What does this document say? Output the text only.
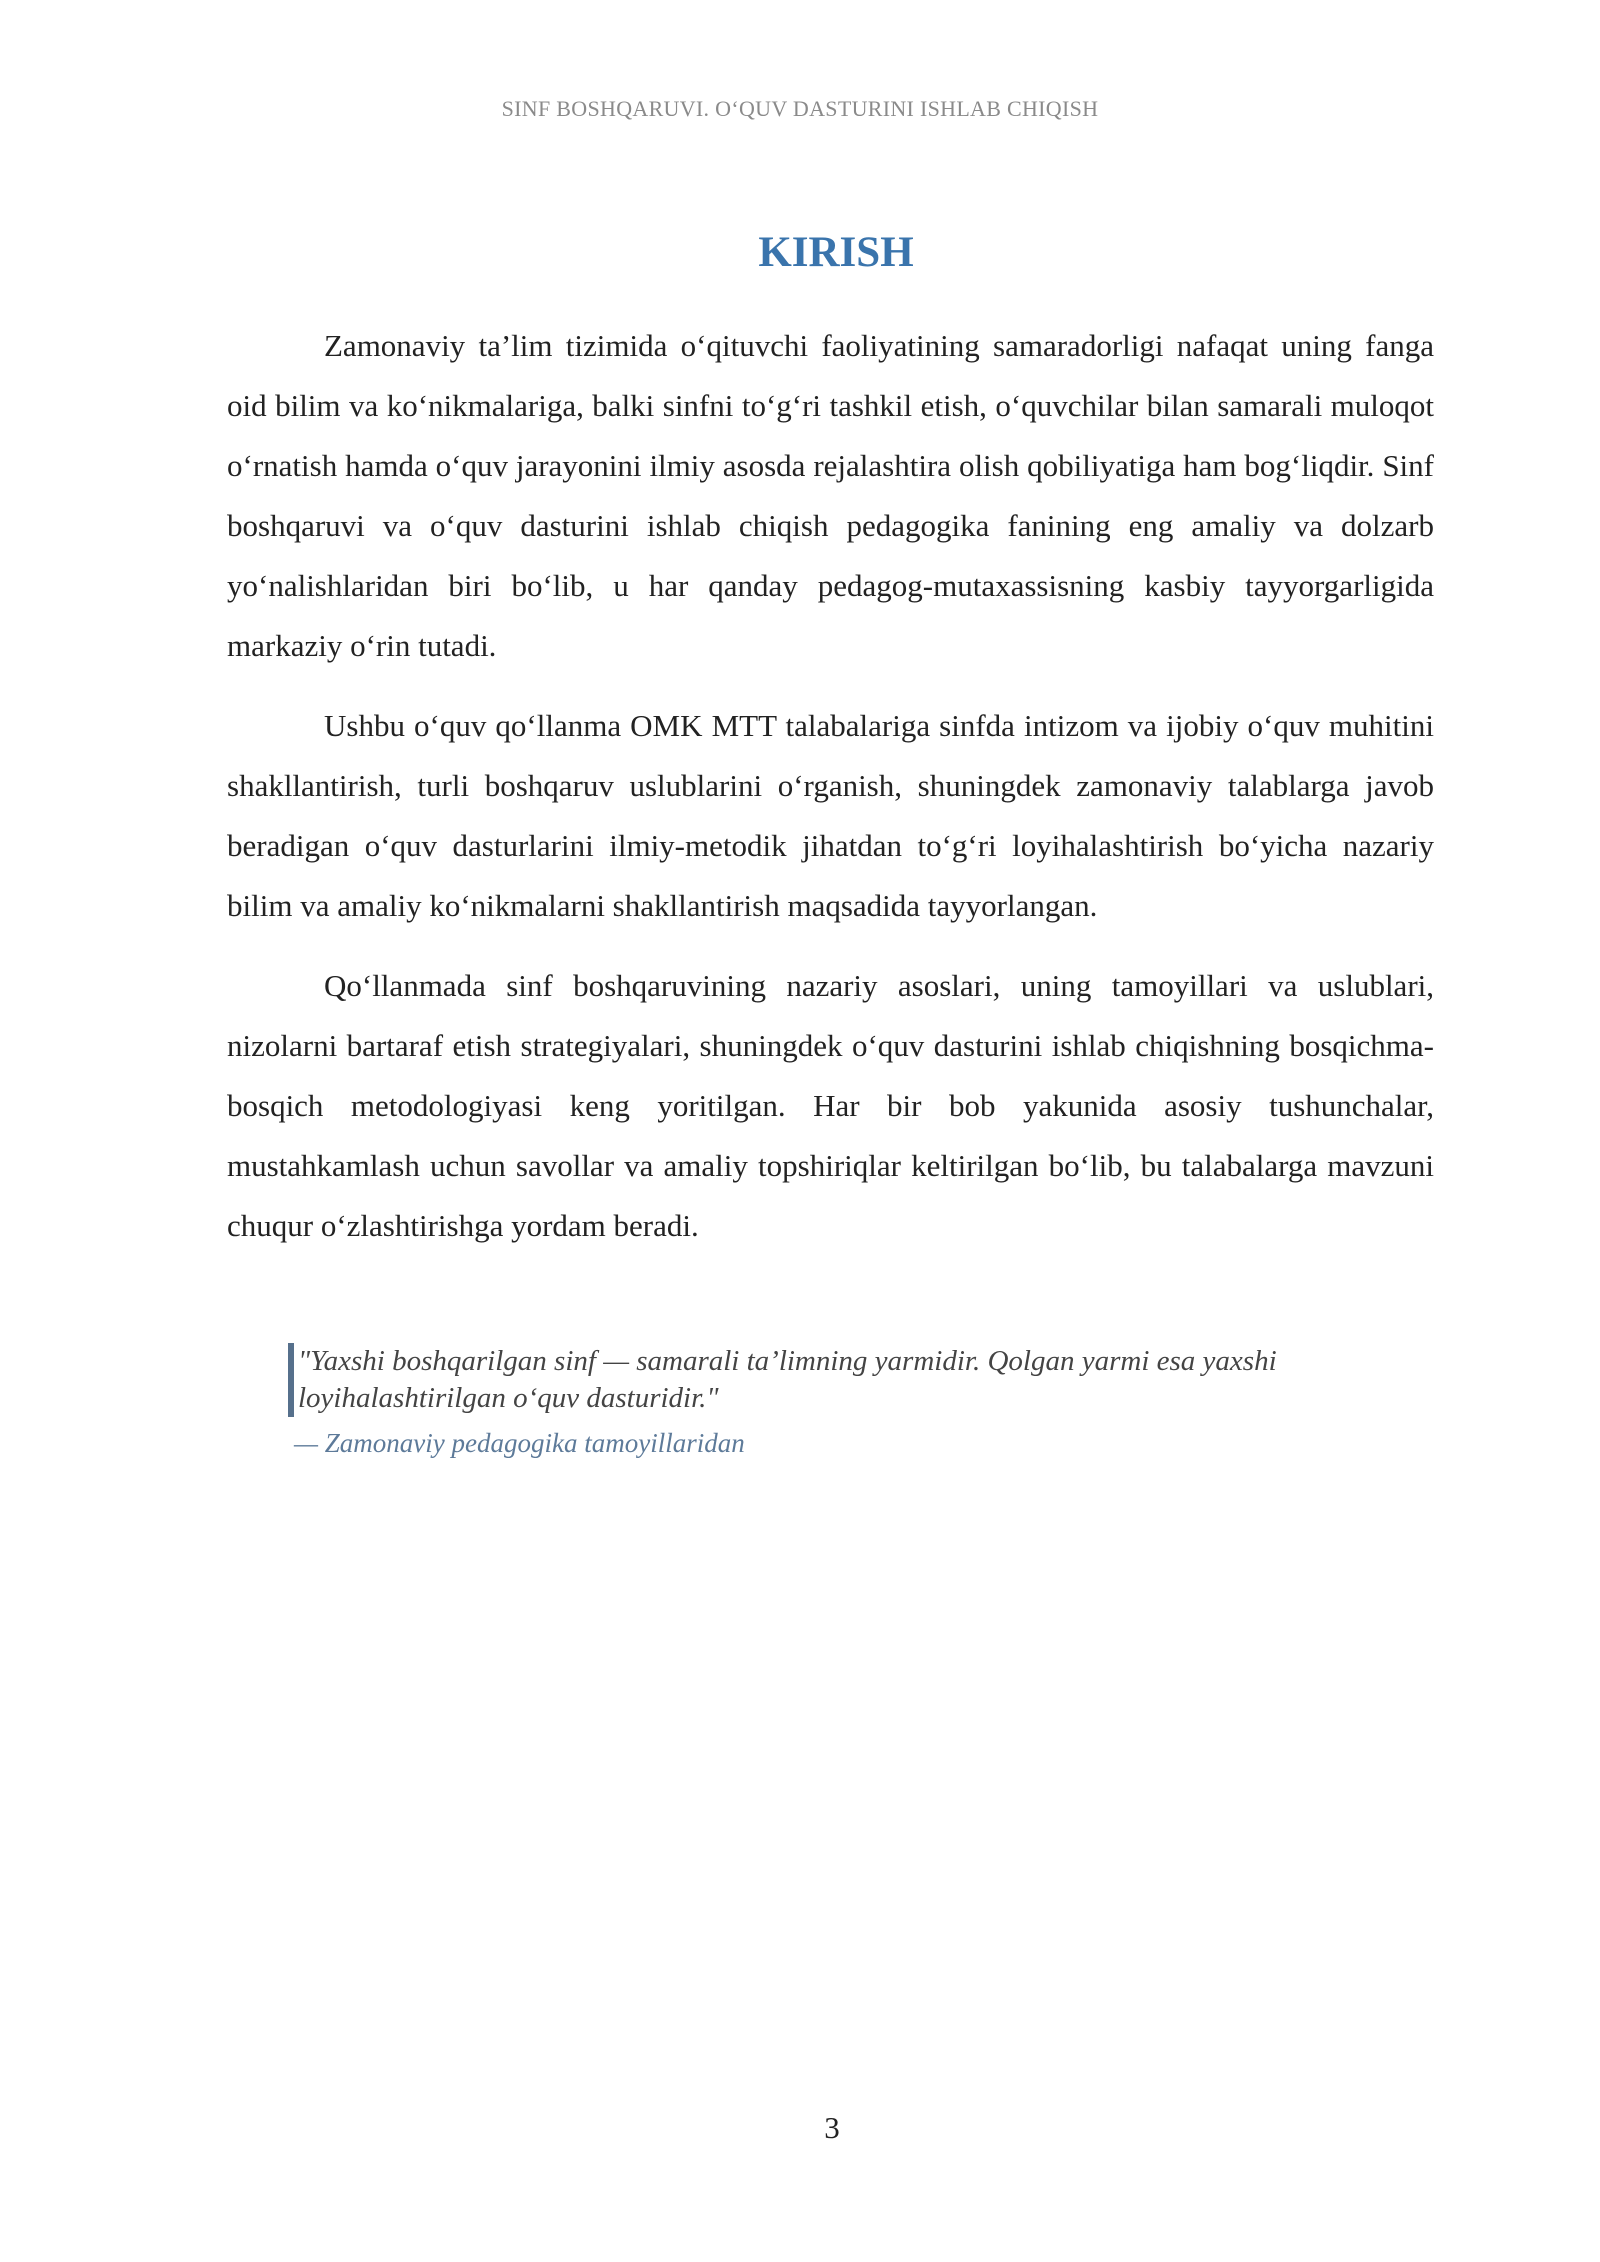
SINF BOSHQARUVI. O‘QUV DASTURINI ISHLAB CHIQISH
KIRISH

Zamonaviy ta’lim tizimida o‘qituvchi faoliyatining samaradorligi nafaqat uning fanga oid bilim va ko‘nikmalariga, balki sinfni to‘g‘ri tashkil etish, o‘quvchilar bilan samarali muloqot o‘rnatish hamda o‘quv jarayonini ilmiy asosda rejalashtira olish qobiliyatiga ham bog‘liqdir. Sinf boshqaruvi va o‘quv dasturini ishlab chiqish pedagogika fanining eng amaliy va dolzarb yo‘nalishlaridan biri bo‘lib, u har qanday pedagog-mutaxassisning kasbiy tayyorgarligida markaziy o‘rin tutadi.

Ushbu o‘quv qo‘llanma OMK MTT talabalariga sinfda intizom va ijobiy o‘quv muhitini shakllantirish, turli boshqaruv uslublarini o‘rganish, shuningdek zamonaviy talablarga javob beradigan o‘quv dasturlarini ilmiy-metodik jihatdan to‘g‘ri loyihalashtirish bo‘yicha nazariy bilim va amaliy ko‘nikmalarni shakllantirish maqsadida tayyorlangan.

Qo‘llanmada sinf boshqaruvining nazariy asoslari, uning tamoyillari va uslublari, nizolarni bartaraf etish strategiyalari, shuningdek o‘quv dasturini ishlab chiqishning bosqichma-bosqich metodologiyasi keng yoritilgan. Har bir bob yakunida asosiy tushunchalar, mustahkamlash uchun savollar va amaliy topshiriqlar keltirilgan bo‘lib, bu talabalarga mavzuni chuqur o‘zlashtirishga yordam beradi.

"Yaxshi boshqarilgan sinf — samarali ta’limning yarmidir. Qolgan yarmi esa yaxshi loyihalashtirilgan o‘quv dasturidir."

— Zamonaviy pedagogika tamoyillaridan
3
